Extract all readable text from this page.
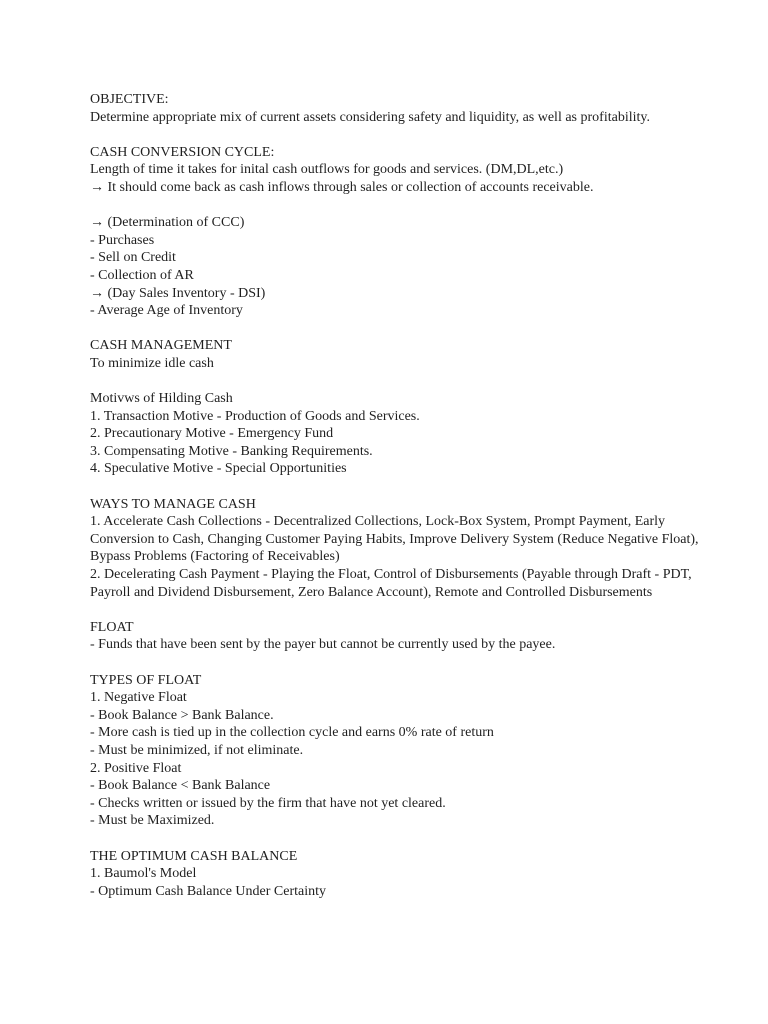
OBJECTIVE:
Determine appropriate mix of current assets considering safety and liquidity, as well as profitability.
CASH CONVERSION CYCLE:
Length of time it takes for inital cash outflows for goods and services. (DM,DL,etc.)
→ It should come back as cash inflows through sales or collection of accounts receivable.
→ (Determination of CCC)
- Purchases
- Sell on Credit
- Collection of AR
→ (Day Sales Inventory - DSI)
- Average Age of Inventory
CASH MANAGEMENT
To minimize idle cash
Motivws of Hilding Cash
1. Transaction Motive - Production of Goods and Services.
2. Precautionary Motive - Emergency Fund
3. Compensating Motive - Banking Requirements.
4. Speculative Motive - Special Opportunities
WAYS TO MANAGE CASH
1. Accelerate Cash Collections - Decentralized Collections, Lock-Box System, Prompt Payment, Early Conversion to Cash, Changing Customer Paying Habits, Improve Delivery System (Reduce Negative Float), Bypass Problems (Factoring of Receivables)
2. Decelerating Cash Payment - Playing the Float, Control of Disbursements (Payable through Draft - PDT, Payroll and Dividend Disbursement, Zero Balance Account), Remote and Controlled Disbursements
FLOAT
- Funds that have been sent by the payer but cannot be currently used by the payee.
TYPES OF FLOAT
1. Negative Float
- Book Balance > Bank Balance.
- More cash is tied up in the collection cycle and earns 0% rate of return
- Must be minimized, if not eliminate.
2. Positive Float
- Book Balance < Bank Balance
- Checks written or issued by the firm that have not yet cleared.
- Must be Maximized.
THE OPTIMUM CASH BALANCE
1. Baumol's Model
- Optimum Cash Balance Under Certainty
